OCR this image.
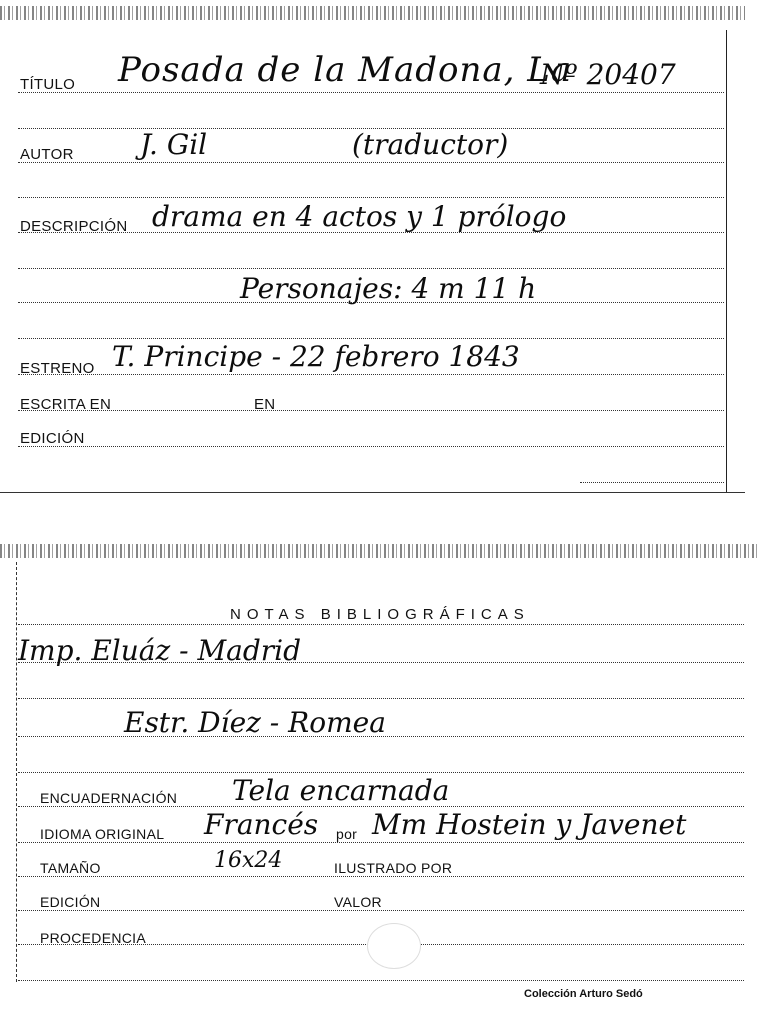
TÍTULO Posada de la Madona, La
Nº 20407
AUTOR J. Gil	(traductor)
DESCRIPCIÓN drama en 4 actos y 1 prólogo
Personajes: 4 m 11 h
ESTRENO T. Principe - 22 febrero 1843
ESCRITA EN	EN
EDICIÓN
NOTAS BIBLIOGRÁFICAS
Imp. Eluáz - Madrid
Estr. Díez - Romea
ENCUADERNACIÓN Tela encarnada
IDIOMA ORIGINAL Francés por Mm Hostein y Javenet
TAMAÑO	16x24	ILUSTRADO POR
EDICIÓN	VALOR
PROCEDENCIA
Colección Arturo Sedó
